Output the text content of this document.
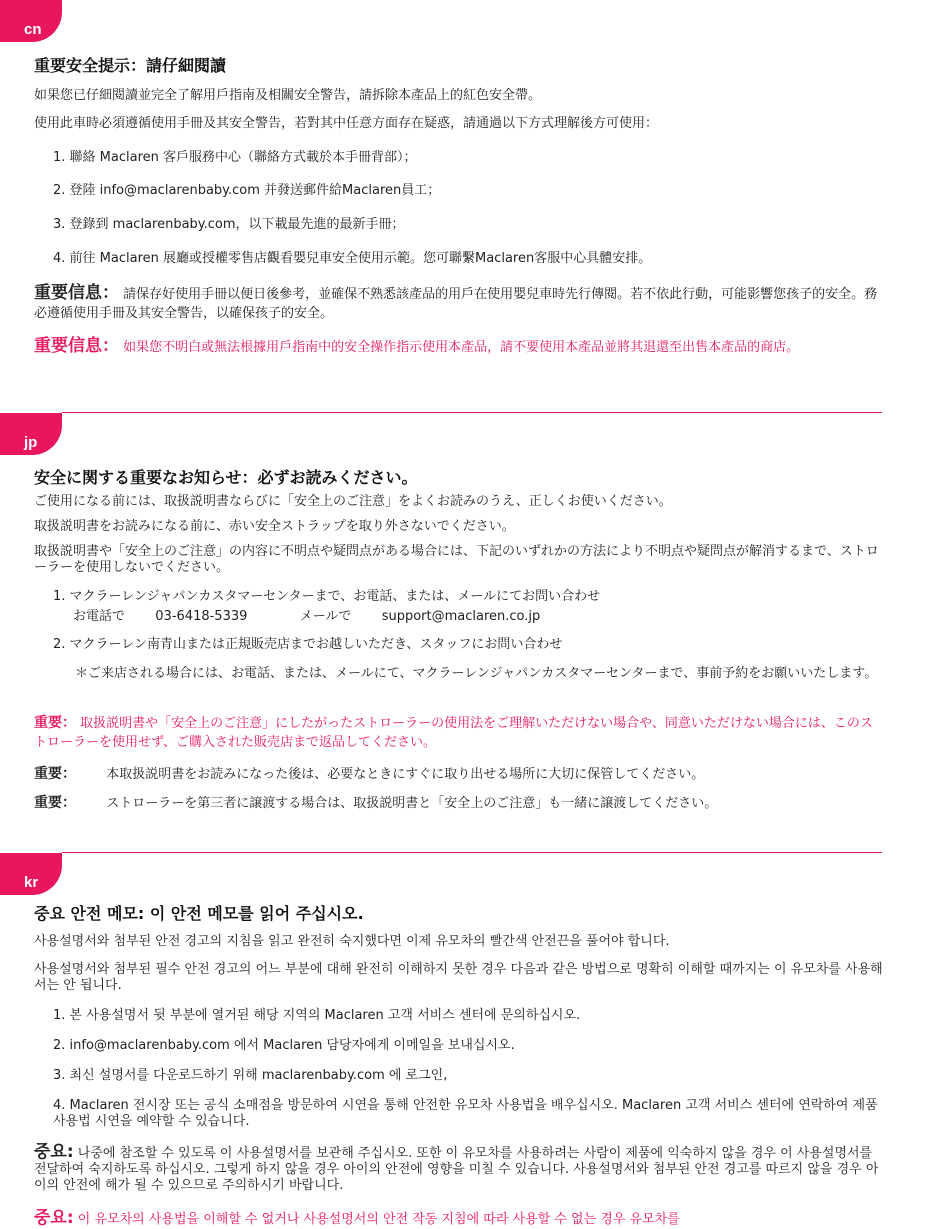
cn
重要安全提示：請仔細閱讀
如果您已仔細閱讀並完全了解用戶指南及相關安全警告，請拆除本產品上的紅色安全帶。
使用此車時必須遵循使用手冊及其安全警告，若對其中任意方面存在疑惑，請通過以下方式理解後方可使用：
1. 聯絡 Maclaren 客戶服務中心（聯絡方式載於本手冊背部）；
2. 登陸 info@maclarenbaby.com 并發送郵件給Maclaren員工；
3. 登錄到 maclarenbaby.com，以下載最先進的最新手冊；
4. 前往 Maclaren 展廳或授權零售店觀看嬰兒車安全使用示範。您可聯繫Maclaren客服中心具體安排。
重要信息： 請保存好使用手冊以便日後參考，並確保不熟悉該產品的用戶在使用嬰兒車時先行傳閱。若不依此行動，可能影響您孩子的安全。務必遵循使用手冊及其安全警告，以確保孩子的安全。
重要信息： 如果您不明白或無法根據用戶指南中的安全操作指示使用本產品，請不要使用本產品並將其退還至出售本產品的商店。
jp
安全に関する重要なお知らせ：必ずお読みください。
ご使用になる前には、取扱説明書ならびに「安全上のご注意」をよくお読みのうえ、正しくお使いください。
取扱説明書をお読みになる前に、赤い安全ストラップを取り外さないでください。
取扱説明書や「安全上のご注意」の内容に不明点や疑問点がある場合には、下記のいずれかの方法により不明点や疑問点が解消するまで、ストローラーを使用しないでください。
1. マクラーレンジャパンカスタマーセンターまで、お電話、または、メールにてお問い合わせ
お電話で 03-6418-5339	メールで support@maclaren.co.jp
2. マクラーレン南青山または正規販売店までお越しいただき、スタッフにお問い合わせ
＊ご来店される場合には、お電話、または、メールにて、マクラーレンジャパンカスタマーセンターまで、事前予約をお願いいたします。
重要： 取扱説明書や「安全上のご注意」にしたがったストローラーの使用法をご理解いただけない場合や、同意いただけない場合には、このストローラーを使用せず、ご購入された販売店まで返品してください。
重要： 本取扱説明書をお読みになった後は、必要なときにすぐに取り出せる場所に大切に保管してください。
重要： ストローラーを第三者に譲渡する場合は、取扱説明書と「安全上のご注意」も一緒に譲渡してください。
kr
중요 안전 메모: 이 안전 메모를 읽어 주십시오.
사용설명서와 첨부된 안전 경고의 지침을 읽고 완전히 숙지했다면 이제 유모차의 빨간색 안전끈을 풀어야 합니다.
사용설명서와 첨부된 필수 안전 경고의 어느 부분에 대해 완전히 이해하지 못한 경우 다음과 같은 방법으로 명확히 이해할 때까지는 이 유모차를 사용해서는 안 됩니다.
1. 본 사용설명서 뒷 부분에 열거된 해당 지역의 Maclaren 고객 서비스 센터에 문의하십시오.
2. info@maclarenbaby.com 에서 Maclaren 담당자에게 이메일을 보내십시오.
3. 최신 설명서를 다운로드하기 위해 maclarenbaby.com 에 로그인,
4. Maclaren 전시장 또는 공식 소매점을 방문하여 시연을 통해 안전한 유모차 사용법을 배우십시오. Maclaren 고객 서비스 센터에 연락하여 제품 사용법 시연을 예약할 수 있습니다.
중요: 나중에 참조할 수 있도록 이 사용설명서를 보관해 주십시오. 또한 이 유모차를 사용하려는 사람이 제품에 익숙하지 않을 경우 이 사용설명서를 전달하여 숙지하도록 하십시오. 그렇게 하지 않을 경우 아이의 안전에 영향을 미칠 수 있습니다. 사용설명서와 첨부된 안전 경고를 따르지 않을 경우 아이의 안전에 해가 될 수 있으므로 주의하시기 바랍니다.
중요: 이 유모차의 사용법을 이해할 수 없거나 사용설명서의 안전 작동 지침에 따라 사용할 수 없는 경우 유모차를
